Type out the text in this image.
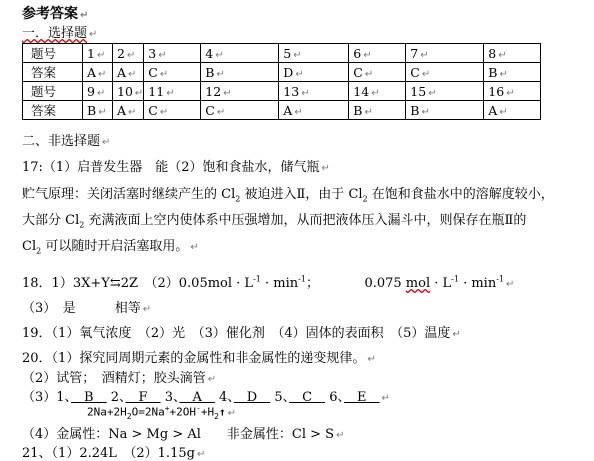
参考答案 ↵
一．选择题 ↵
题号	1 ↵	2 ↵	3 ↵	4 ↵	5 ↵	6 ↵	7 ↵	8 ↵
答案	A ↵	A ↵	C ↵	B ↵	D ↵	C ↵	C ↵	B ↵
题号	9 ↵	10 ↵	11 ↵	12 ↵	13 ↵	14 ↵	15 ↵	16 ↵
答案	B ↵	A ↵	C ↵	C ↵	A ↵	B ↵	B ↵	A ↵
二、非选择题 ↵
17:（1）启普发生器　能（2）饱和食盐水，储气瓶 ↵
贮气原理：关闭活塞时继续产生的 $Cl_2$ 被迫进入Ⅱ，由于 $Cl_2$ 在饱和食盐水中的溶解度较小，
大部分 $Cl_2$ 充满液面上空内使体系中压强增加，从而把液体压入漏斗中，则保存在瓶Ⅱ的
$Cl_2$ 可以随时开启活塞取用。 ↵
18．1）3X+Y⇆2Z　$(2)0.05mol \cdot L^{-1} \cdot \min^{-1}$；　　　　0.075 mol · $L^{-1} \cdot \min^{-1}$ ↵
（3）　是　　　相等 ↵
19．（1）氧气浓度　（2）光　（3）催化剂　（4）固体的表面积　（5）温度 ↵
20．（1）探究同周期元素的金属性和非金属性的递变规律。 ↵
（2）试管；　酒精灯；胶头滴管 ↵
（3）1、　B　 2、　F　 3、　A　 4、　D　 5、　C　 6、　E　↵
$2Na+2H_2O=2Na^++2OH^-+H_2↑$ ↵
（4）金属性：Na > Mg > Al　　非金属性：Cl > S ↵
21、（1）2.24L　（2）1.15g ↵
